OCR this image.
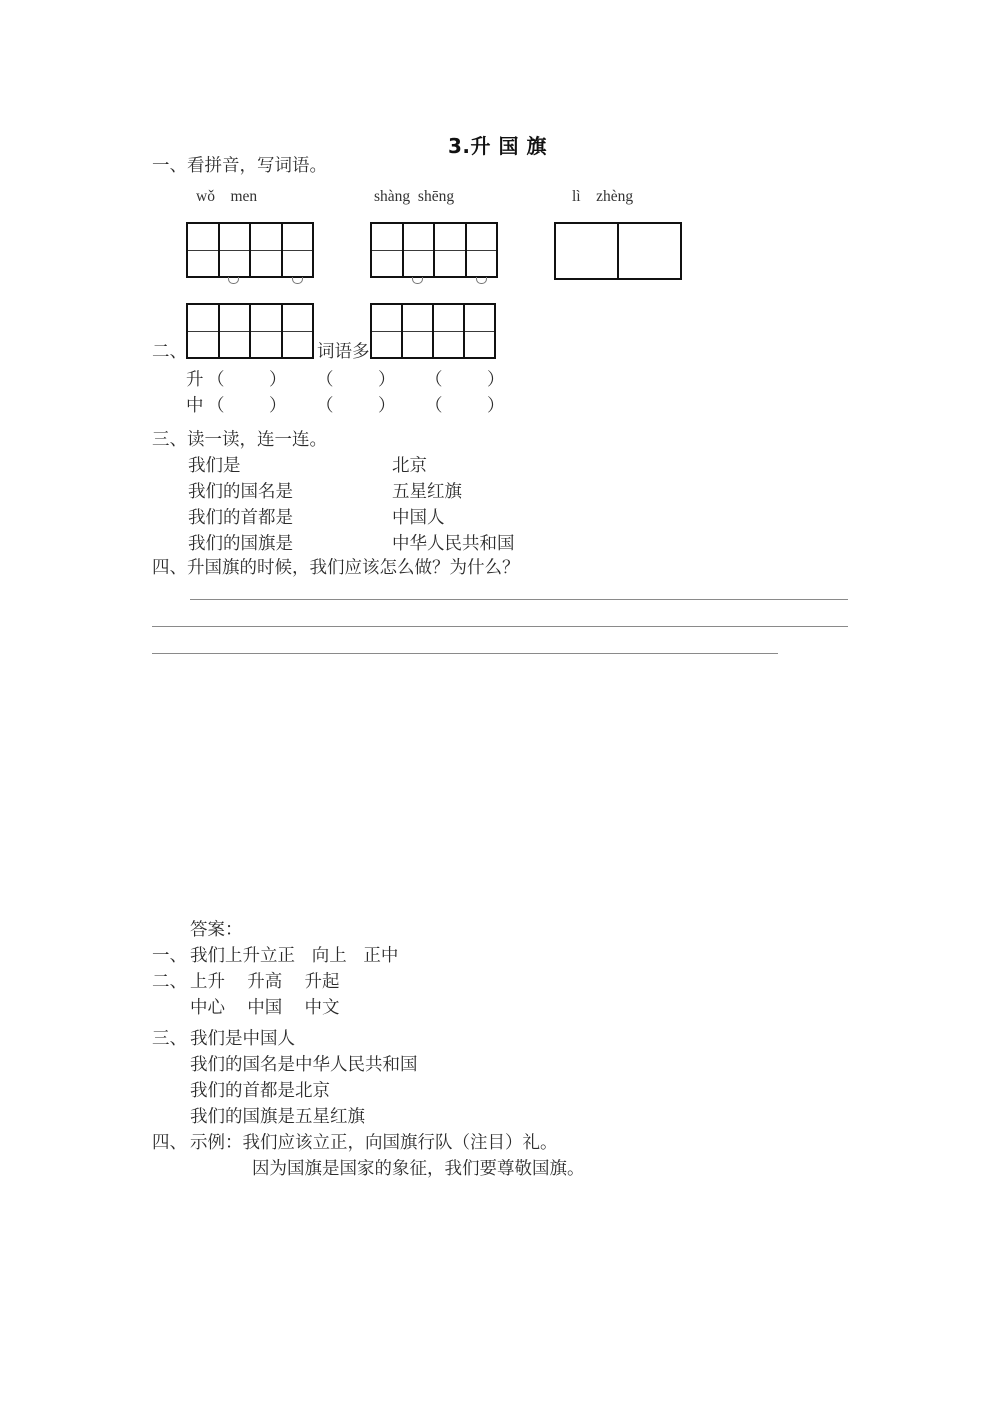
3.升 国 旗
一、看拼音，写词语。
wǒ    men	shàng  shēng	lì    zhèng
二、	词语多
升 （        ） （        ） （        ）
中 （        ） （        ） （        ）
三、读一读，连一连。
我们是	北京
我们的国名是	五星红旗
我们的首都是	中国人
我们的国旗是	中华人民共和国
四、升国旗的时候，我们应该怎么做？为什么？
答案：
一、 我们上升立正   向上   正中
二、 上升    升高    升起
中心    中国    中文
三、 我们是中国人
我们的国名是中华人民共和国
我们的首都是北京
我们的国旗是五星红旗
四、 示例：我们应该立正，向国旗行队（注目）礼。
因为国旗是国家的象征，我们要尊敬国旗。
